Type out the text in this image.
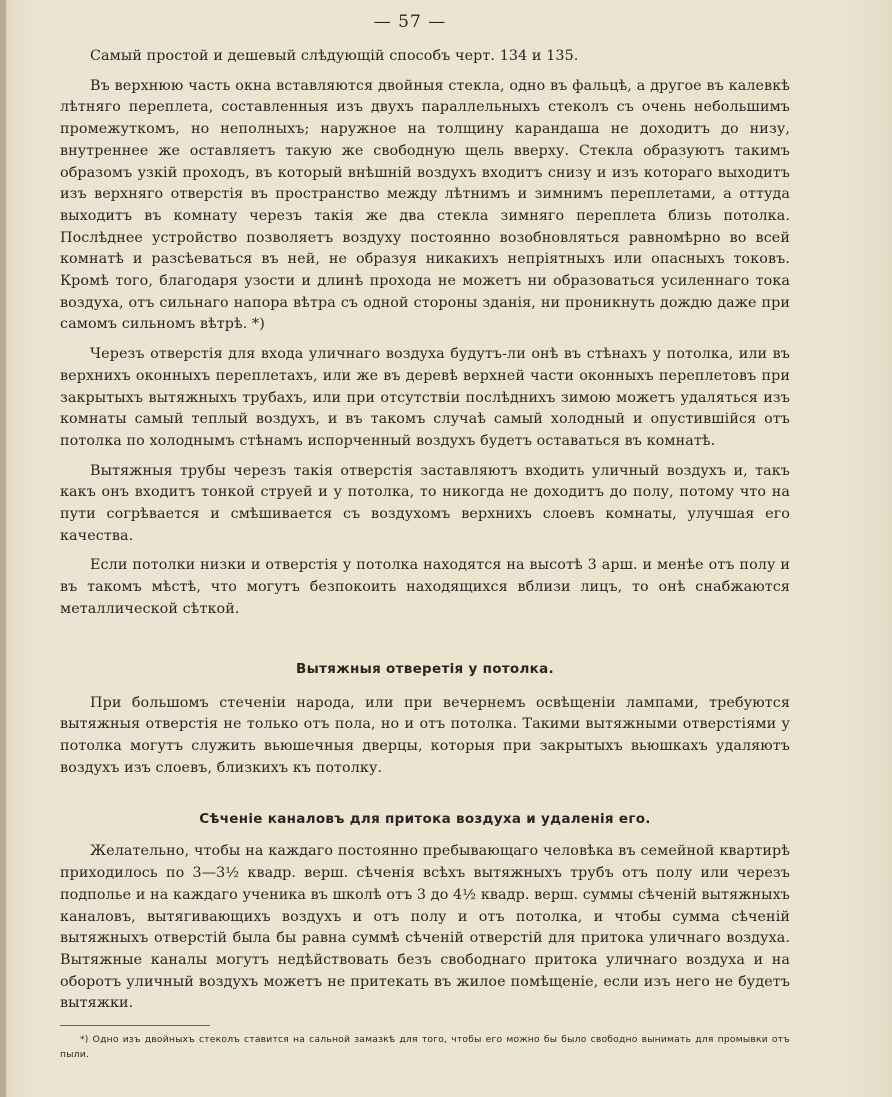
— 57 —

Самый простой и дешевый слѣдующій способъ черт. 134 и 135.

Въ верхнюю часть окна вставляются двойныя стекла, одно въ фальцѣ, а другое въ калевкѣ лѣтняго переплета, составленныя изъ двухъ параллельныхъ стеколъ съ очень небольшимъ промежуткомъ, но неполныхъ; наружное на толщину карандаша не доходитъ до низу, внутреннее же оставляетъ такую же свободную щель вверху. Стекла образуютъ такимъ образомъ узкій проходъ, въ который внѣшній воздухъ входитъ снизу и изъ котораго выходитъ изъ верхняго отверстія въ пространство между лѣтнимъ и зимнимъ переплетами, а оттуда выходитъ въ комнату черезъ такія же два стекла зимняго переплета близь потолка. Послѣднее устройство позволяетъ воздуху постоянно возобновляться равномѣрно во всей комнатѣ и разсѣеваться въ ней, не образуя никакихъ непріятныхъ или опасныхъ токовъ. Кромѣ того, благодаря узости и длинѣ прохода не можетъ ни образоваться усиленнаго тока воздуха, отъ сильнаго напора вѣтра съ одной стороны зданія, ни проникнуть дождю даже при самомъ сильномъ вѣтрѣ. *)

Черезъ отверстія для входа уличнаго воздуха будутъ-ли онѣ въ стѣнахъ у потолка, или въ верхнихъ оконныхъ переплетахъ, или же въ деревѣ верхней части оконныхъ переплетовъ при закрытыхъ вытяжныхъ трубахъ, или при отсутствіи послѣднихъ зимою можетъ удаляться изъ комнаты самый теплый воздухъ, и въ такомъ случаѣ самый холодный и опустившійся отъ потолка по холоднымъ стѣнамъ испорченный воздухъ будетъ оставаться въ комнатѣ.

Вытяжныя трубы черезъ такія отверстія заставляютъ входить уличный воздухъ и, такъ какъ онъ входитъ тонкой струей и у потолка, то никогда не доходитъ до полу, потому что на пути согрѣвается и смѣшивается съ воздухомъ верхнихъ слоевъ комнаты, улучшая его качества.

Если потолки низки и отверстія у потолка находятся на высотѣ 3 арш. и менѣе отъ полу и въ такомъ мѣстѣ, что могутъ безпокоить находящихся вблизи лицъ, то онѣ снабжаются металлической сѣткой.

Вытяжныя отверетія у потолка.

При большомъ стеченіи народа, или при вечернемъ освѣщеніи лампами, требуются вытяжныя отверстія не только отъ пола, но и отъ потолка. Такими вытяжными отверстіями у потолка могутъ служить вьюшечныя дверцы, которыя при закрытыхъ вьюшкахъ удаляютъ воздухъ изъ слоевъ, близкихъ къ потолку.

Сѣченіе каналовъ для притока воздуха и удаленія его.

Желательно, чтобы на каждаго постоянно пребывающаго человѣка въ семейной квартирѣ приходилось по 3—3½ квадр. верш. сѣченія всѣхъ вытяжныхъ трубъ отъ полу или черезъ подполье и на каждаго ученика въ школѣ отъ 3 до 4½ квадр. верш. суммы сѣченій вытяжныхъ каналовъ, вытягивающихъ воздухъ и отъ полу и отъ потолка, и чтобы сумма сѣченій вытяжныхъ отверстій была бы равна суммѣ сѣченій отверстій для притока уличнаго воздуха. Вытяжные каналы могутъ недѣйствовать безъ свободнаго притока уличнаго воздуха и на оборотъ уличный воздухъ можетъ не притекать въ жилое помѣщеніе, если изъ него не будетъ вытяжки.

*) Одно изъ двойныхъ стеколъ ставится на сальной замазкѣ для того, чтобы его можно бы было свободно вынимать для промывки отъ пыли.
